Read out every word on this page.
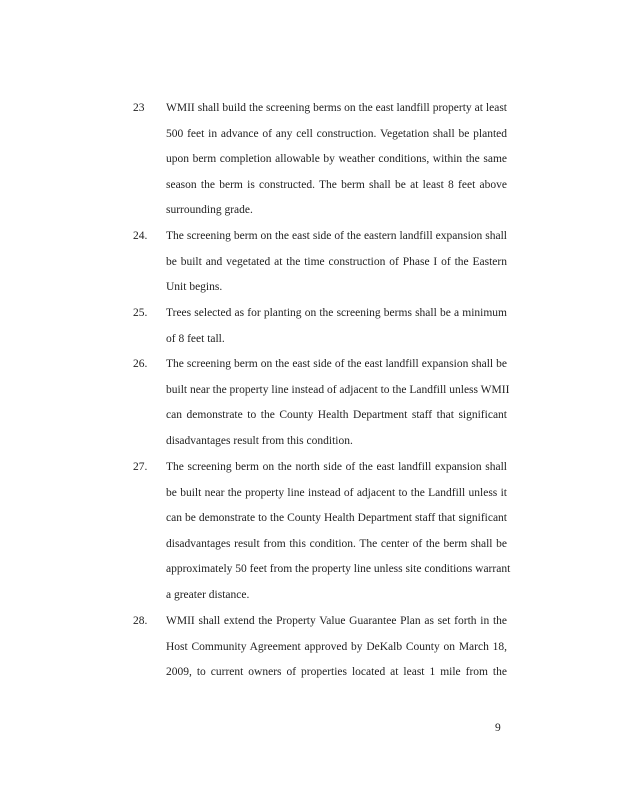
23 WMII shall build the screening berms on the east landfill property at least
500 feet in advance of any cell construction. Vegetation shall be planted
upon berm completion allowable by weather conditions, within the same
season the berm is constructed. The berm shall be at least 8 feet above
surrounding grade.
24. The screening berm on the east side of the eastern landfill expansion shall
be built and vegetated at the time construction of Phase I of the Eastern
Unit begins.
25. Trees selected as for planting on the screening berms shall be a minimum
of 8 feet tall.
26. The screening berm on the east side of the east landfill expansion shall be
built near the property line instead of adjacent to the Landfill unless WMII
can demonstrate to the County Health Department staff that significant
disadvantages result from this condition.
27. The screening berm on the north side of the east landfill expansion shall
be built near the property line instead of adjacent to the Landfill unless it
can be demonstrate to the County Health Department staff that significant
disadvantages result from this condition. The center of the berm shall be
approximately 50 feet from the property line unless site conditions warrant
a greater distance.
28. WMII shall extend the Property Value Guarantee Plan as set forth in the
Host Community Agreement approved by DeKalb County on March 18,
2009, to current owners of properties located at least 1 mile from the
9
